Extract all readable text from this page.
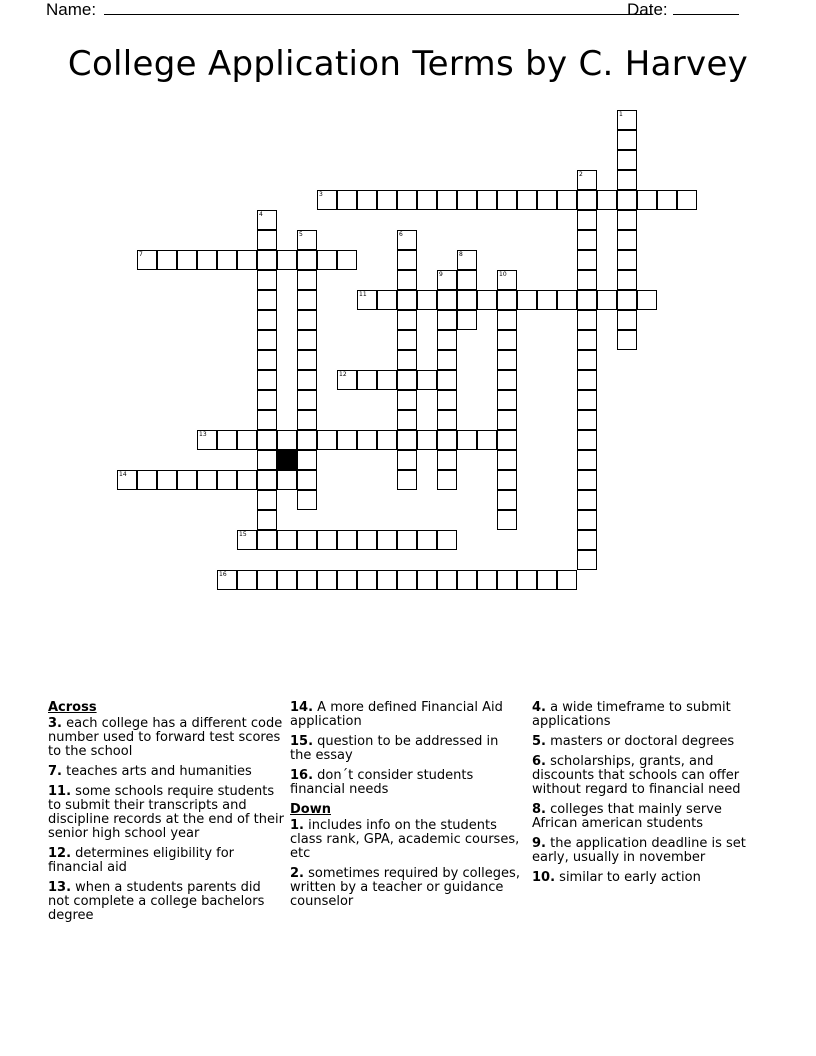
Name:	Date:
College Application Terms by C. Harvey
1
2
3
4
5	6
7	8
9	10
11
12
13
14
15
16
Across
3. each college has a different code number used to forward test scores to the school
7. teaches arts and humanities
11. some schools require students to submit their transcripts and discipline records at the end of their senior high school year
12. determines eligibility for financial aid
13. when a students parents did not complete a college bachelors degree
14. A more defined Financial Aid application
15. question to be addressed in the essay
16. don´t consider students financial needs
Down
1. includes info on the students class rank, GPA, academic courses, etc
2. sometimes required by colleges, written by a teacher or guidance counselor
4. a wide timeframe to submit applications
5. masters or doctoral degrees
6. scholarships, grants, and discounts that schools can offer without regard to financial need
8. colleges that mainly serve African american students
9. the application deadline is set early, usually in november
10. similar to early action
